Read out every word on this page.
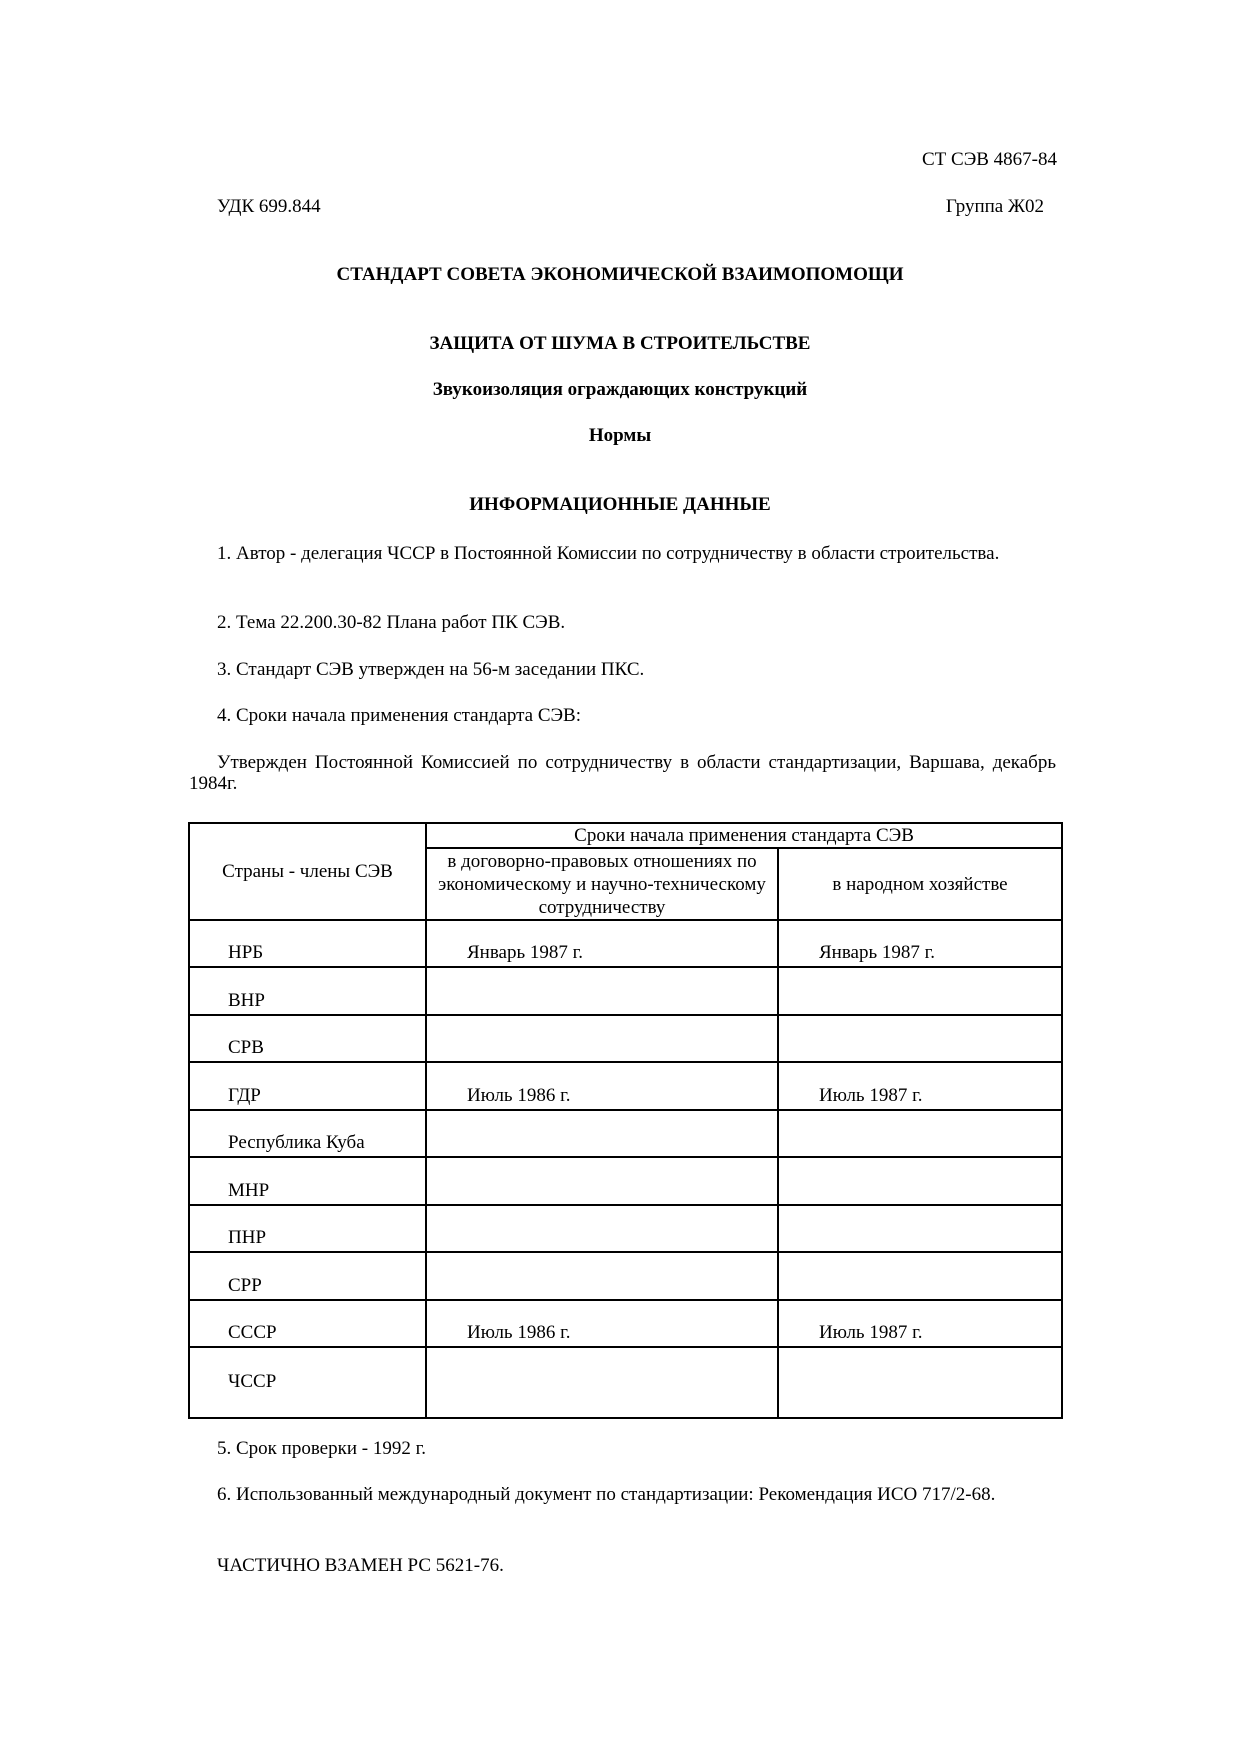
СТ СЭВ 4867-84
УДК 699.844	Группа Ж02
СТАНДАРТ СОВЕТА ЭКОНОМИЧЕСКОЙ ВЗАИМОПОМОЩИ
ЗАЩИТА ОТ ШУМА В СТРОИТЕЛЬСТВЕ
Звукоизоляция ограждающих конструкций
Нормы
ИНФОРМАЦИОННЫЕ ДАННЫЕ
1. Автор - делегация ЧССР в Постоянной Комиссии по сотрудничеству в области строительства.
2. Тема 22.200.30-82 Плана работ ПК СЭВ.
3. Стандарт СЭВ утвержден на 56-м заседании ПКС.
4. Сроки начала применения стандарта СЭВ:
Утвержден Постоянной Комиссией по сотрудничеству в области стандартизации, Варшава, декабрь 1984г.
Страны - члены СЭВ	Сроки начала применения стандарта СЭВ	
	в договорно-правовых отношениях по экономическому и научно-техническому сотрудничеству	в народном хозяйстве
НРБ	Январь 1987 г.	Январь 1987 г.
ВНР		
СРВ		
ГДР	Июль 1986 г.	Июль 1987 г.
Республика Куба		
МНР		
ПНР		
СРР		
СССР	Июль 1986 г.	Июль 1987 г.
ЧССР		
5. Срок проверки - 1992 г.
6. Использованный международный документ по стандартизации: Рекомендация ИСО 717/2-68.
ЧАСТИЧНО ВЗАМЕН РС 5621-76.
